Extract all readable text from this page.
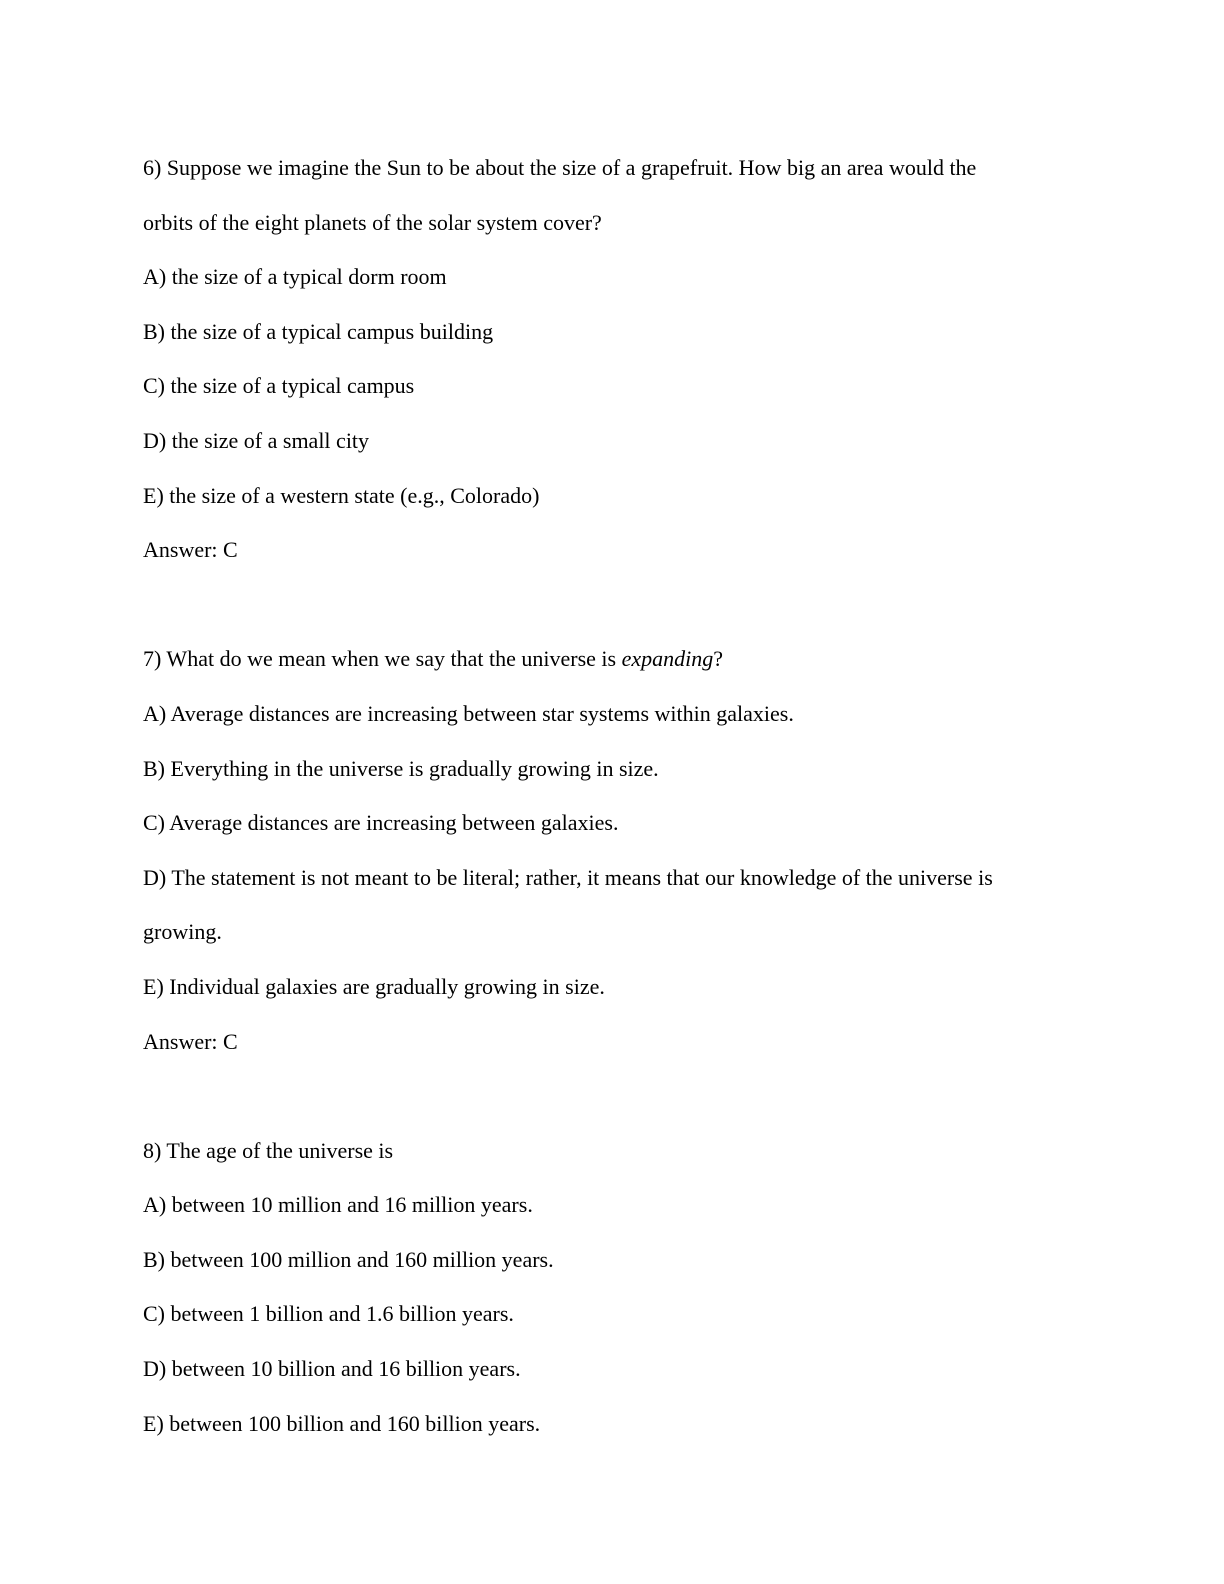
6) Suppose we imagine the Sun to be about the size of a grapefruit. How big an area would the
orbits of the eight planets of the solar system cover?
A) the size of a typical dorm room
B) the size of a typical campus building
C) the size of a typical campus
D) the size of a small city
E) the size of a western state (e.g., Colorado)
Answer: C
7) What do we mean when we say that the universe is expanding?
A) Average distances are increasing between star systems within galaxies.
B) Everything in the universe is gradually growing in size.
C) Average distances are increasing between galaxies.
D) The statement is not meant to be literal; rather, it means that our knowledge of the universe is
growing.
E) Individual galaxies are gradually growing in size.
Answer: C
8) The age of the universe is
A) between 10 million and 16 million years.
B) between 100 million and 160 million years.
C) between 1 billion and 1.6 billion years.
D) between 10 billion and 16 billion years.
E) between 100 billion and 160 billion years.
